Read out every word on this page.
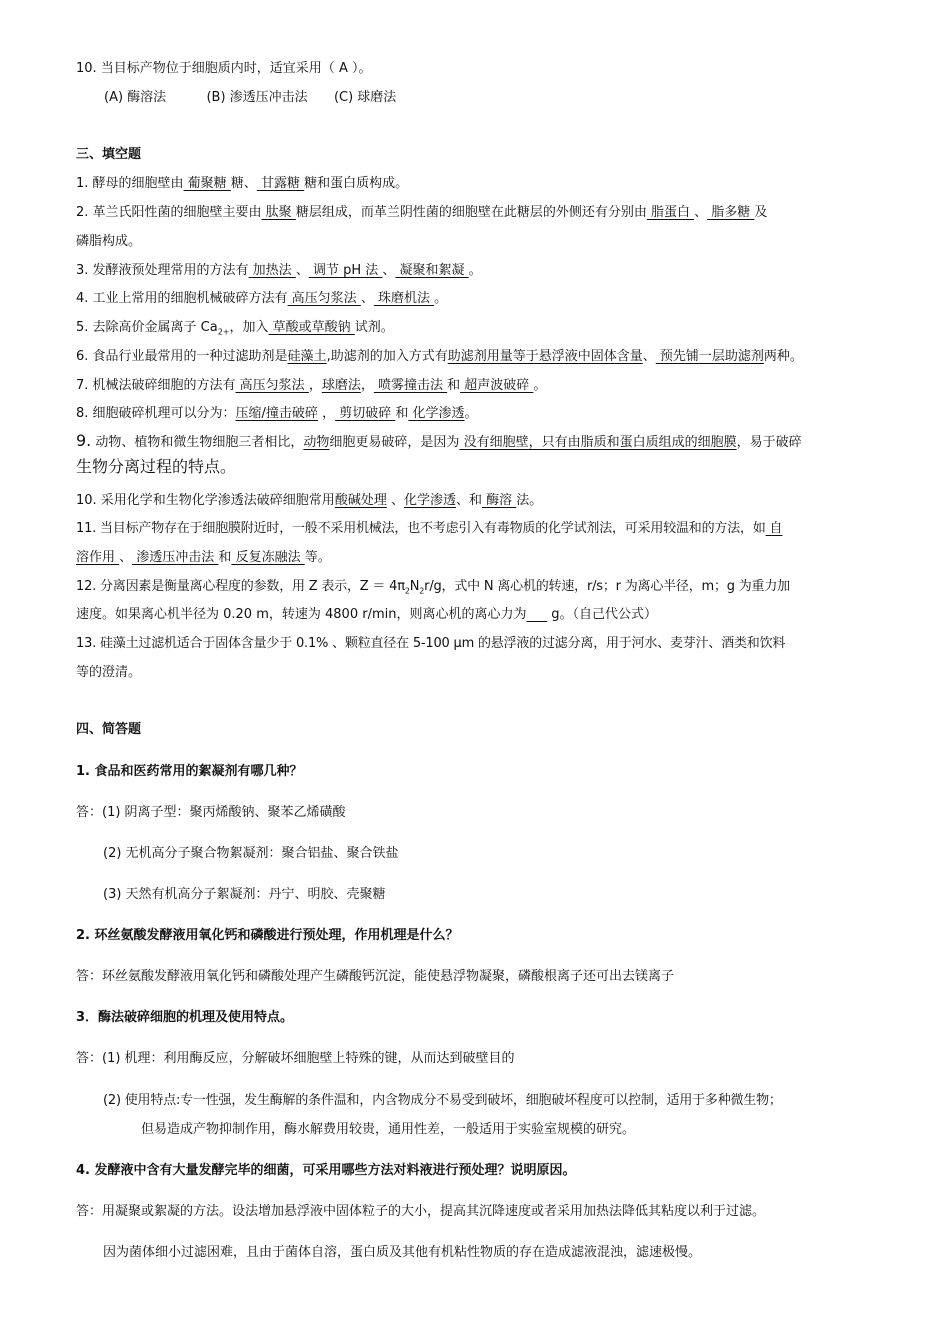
10. 当目标产物位于细胞质内时，适宜采用（ A ）。
(A) 酶溶法	(B) 渗透压冲击法 (C) 球磨法
三、填空题
1. 酵母的细胞壁由 葡聚糖 糖、 甘露糖 糖和蛋白质构成。
2. 革兰氏阳性菌的细胞壁主要由 肽聚 糖层组成，而革兰阴性菌的细胞壁在此糖层的外侧还有分别由 脂蛋白 、 脂多糖 及
磷脂构成。
3. 发酵液预处理常用的方法有 加热法 、 调节 pH 法 、 凝聚和絮凝 。
4. 工业上常用的细胞机械破碎方法有 高压匀浆法 、 珠磨机法 。
5. 去除高价金属离子 $Ca_{2+}$，加入 草酸或草酸钠 试剂。
6. 食品行业最常用的一种过滤助剂是硅藻土,助滤剂的加入方式有助滤剂用量等于悬浮液中固体含量、 预先铺一层助滤剂两种。
7. 机械法破碎细胞的方法有 高压匀浆法 ，球磨法， 喷雾撞击法 和 超声波破碎 。
8. 细胞破碎机理可以分为：压缩/撞击破碎 ， 剪切破碎 和 化学渗透。
9. 动物、植物和微生物细胞三者相比，动物细胞更易破碎，是因为 没有细胞壁，只有由脂质和蛋白质组成的细胞膜，易于破碎
生物分离过程的特点。
10. 采用化学和生物化学渗透法破碎细胞常用酸碱处理 、化学渗透、和 酶溶 法。
11. 当目标产物存在于细胞膜附近时，一般不采用机械法，也不考虑引入有毒物质的化学试剂法，可采用较温和的方法，如 自
溶作用 、 渗透压冲击法 和 反复冻融法 等。
12. 分离因素是衡量离心程度的参数，用 Z 表示，$Z = 4\pi_2N_2r/g$，式中 N 离心机的转速，r/s；r 为离心半径，m；g 为重力加
速度。如果离心机半径为 0.20 m，转速为 4800 r/min，则离心机的离心力为      g。（自己代公式）
13. 硅藻土过滤机适合于固体含量少于 0.1% 、颗粒直径在 5-100 μm 的悬浮液的过滤分离，用于河水、麦芽汁、酒类和饮料
等的澄清。
四、简答题
1. 食品和医药常用的絮凝剂有哪几种？
答：(1) 阴离子型：聚丙烯酸钠、聚苯乙烯磺酸
(2) 无机高分子聚合物絮凝剂：聚合铝盐、聚合铁盐
(3) 天然有机高分子絮凝剂：丹宁、明胶、壳聚糖
2. 环丝氨酸发酵液用氧化钙和磷酸进行预处理，作用机理是什么？
答：环丝氨酸发酵液用氧化钙和磷酸处理产生磷酸钙沉淀，能使悬浮物凝聚，磷酸根离子还可出去镁离子
3．酶法破碎细胞的机理及使用特点。
答：(1) 机理：利用酶反应，分解破坏细胞壁上特殊的键，从而达到破壁目的
(2) 使用特点:专一性强，发生酶解的条件温和，内含物成分不易受到破坏，细胞破坏程度可以控制，适用于多种微生物；
但易造成产物抑制作用，酶水解费用较贵，通用性差，一般适用于实验室规模的研究。
4. 发酵液中含有大量发酵完毕的细菌，可采用哪些方法对料液进行预处理？说明原因。
答：用凝聚或絮凝的方法。设法增加悬浮液中固体粒子的大小，提高其沉降速度或者采用加热法降低其粘度以利于过滤。
因为菌体细小过滤困难，且由于菌体自溶，蛋白质及其他有机粘性物质的存在造成滤液混浊，滤速极慢。
